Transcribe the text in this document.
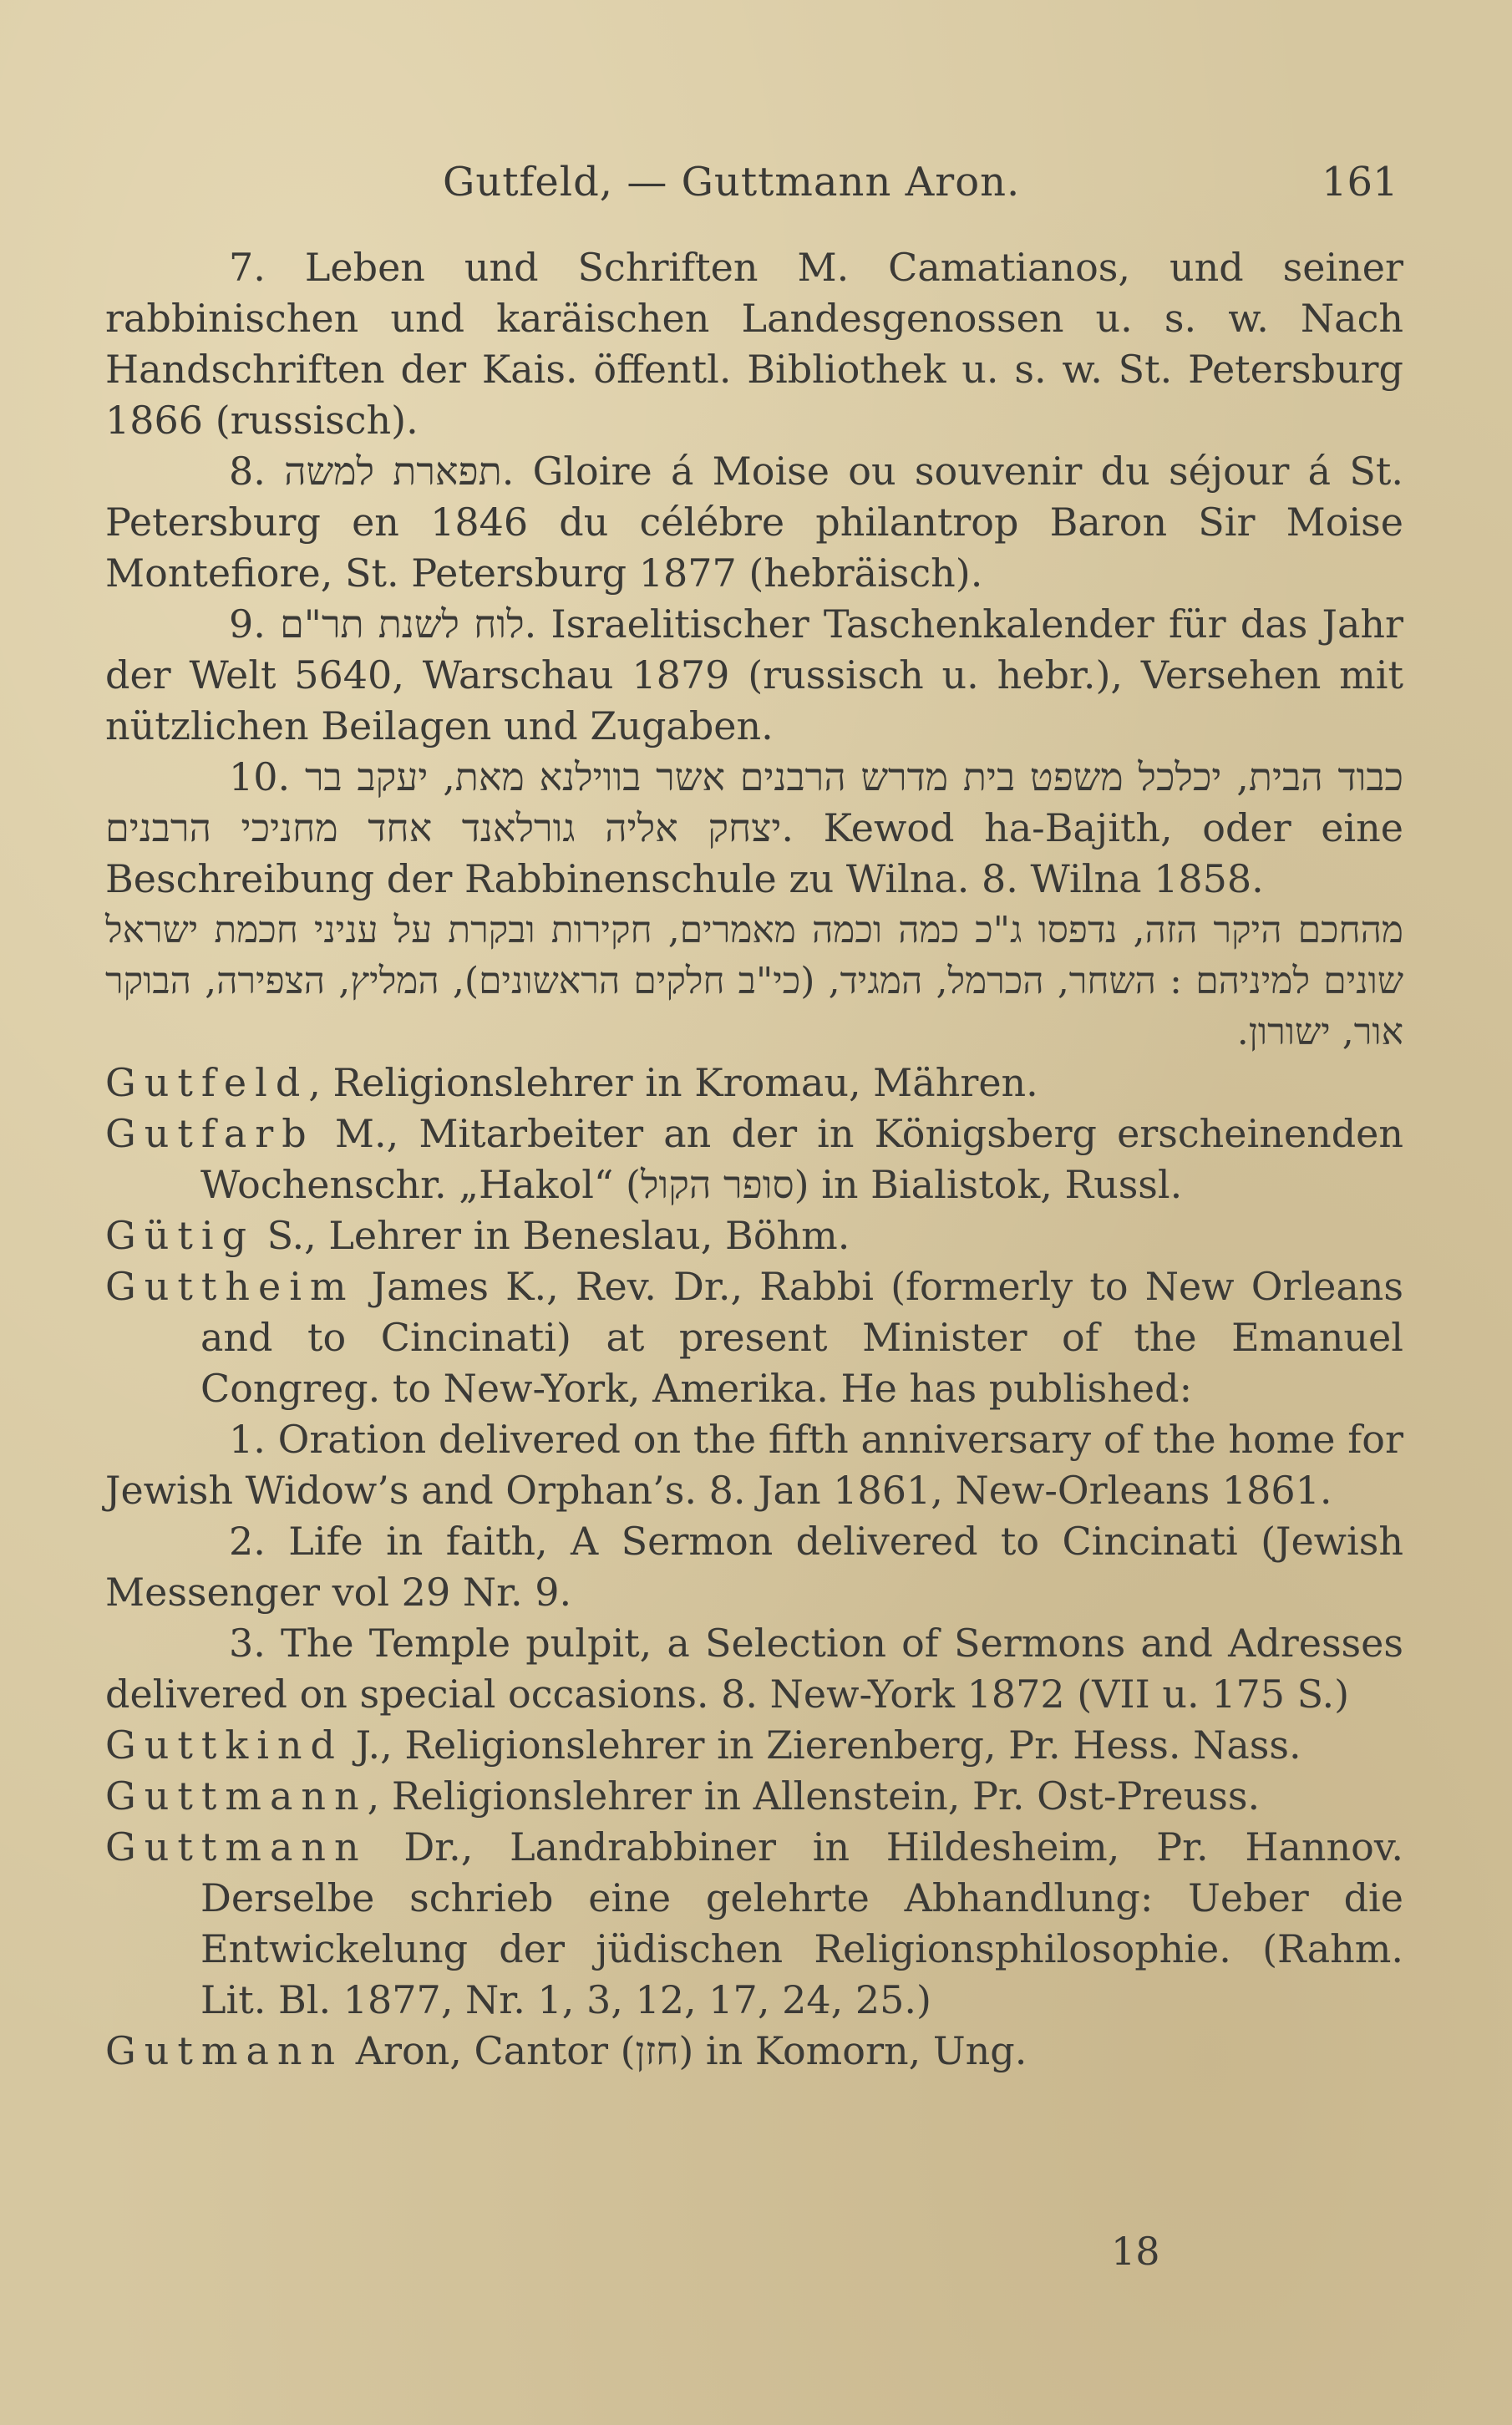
Gutfeld, — Guttmann Aron.	161

7. Leben und Schriften M. Camatianos, und seiner rabbinischen und karäischen Landesgenossen u. s. w. Nach Handschriften der Kais. öffentl. Bibliothek u. s. w. St. Petersburg 1866 (russisch).

8. תפארת למשה. Gloire á Moise ou souvenir du séjour á St. Petersburg en 1846 du célébre philantrop Baron Sir Moise Montefiore, St. Petersburg 1877 (hebräisch).

9. לוח לשנת תר"ם. Israelitischer Taschenkalender für das Jahr der Welt 5640, Warschau 1879 (russisch u. hebr.), Versehen mit nützlichen Beilagen und Zugaben.

10. כבוד הבית, יכלכל משפט בית מדרש הרבנים אשר בווילנא מאת, יעקב בר יצחק אליה גורלאנד אחד מחניכי הרבנים. Kewod ha-Bajith, oder eine Beschreibung der Rabbinenschule zu Wilna. 8. Wilna 1858.

מהחכם היקר הזה, נדפסו ג"כ כמה וכמה מאמרים, חקירות ובקרת על עניני חכמת ישראל שונים למיניהם : השחר, הכרמל, המגיד, (כי"ב חלקים הראשונים), המליץ, הצפירה, הבוקר אור, ישורון.

Gutfeld, Religionslehrer in Kromau, Mähren.

Gutfarb M., Mitarbeiter an der in Königsberg erscheinenden Wochenschr. „Hakol“ (סופר הקול) in Bialistok, Russl.

Gütig S., Lehrer in Beneslau, Böhm.

Guttheim James K., Rev. Dr., Rabbi (formerly to New Orleans and to Cincinati) at present Minister of the Emanuel Congreg. to New-York, Amerika. He has published:

1. Oration delivered on the fifth anniversary of the home for Jewish Widow’s and Orphan’s. 8. Jan 1861, New-Orleans 1861.

2. Life in faith, A Sermon delivered to Cincinati (Jewish Messenger vol 29 Nr. 9.

3. The Temple pulpit, a Selection of Sermons and Adresses delivered on special occasions. 8. New-York 1872 (VII u. 175 S.)

Guttkind J., Religionslehrer in Zierenberg, Pr. Hess. Nass.

Guttmann, Religionslehrer in Allenstein, Pr. Ost-Preuss.

Guttmann Dr., Landrabbiner in Hildesheim, Pr. Hannov. Derselbe schrieb eine gelehrte Abhandlung: Ueber die Entwickelung der jüdischen Religionsphilosophie. (Rahm. Lit. Bl. 1877, Nr. 1, 3, 12, 17, 24, 25.)

Gutmann Aron, Cantor (חזן) in Komorn, Ung.

18
